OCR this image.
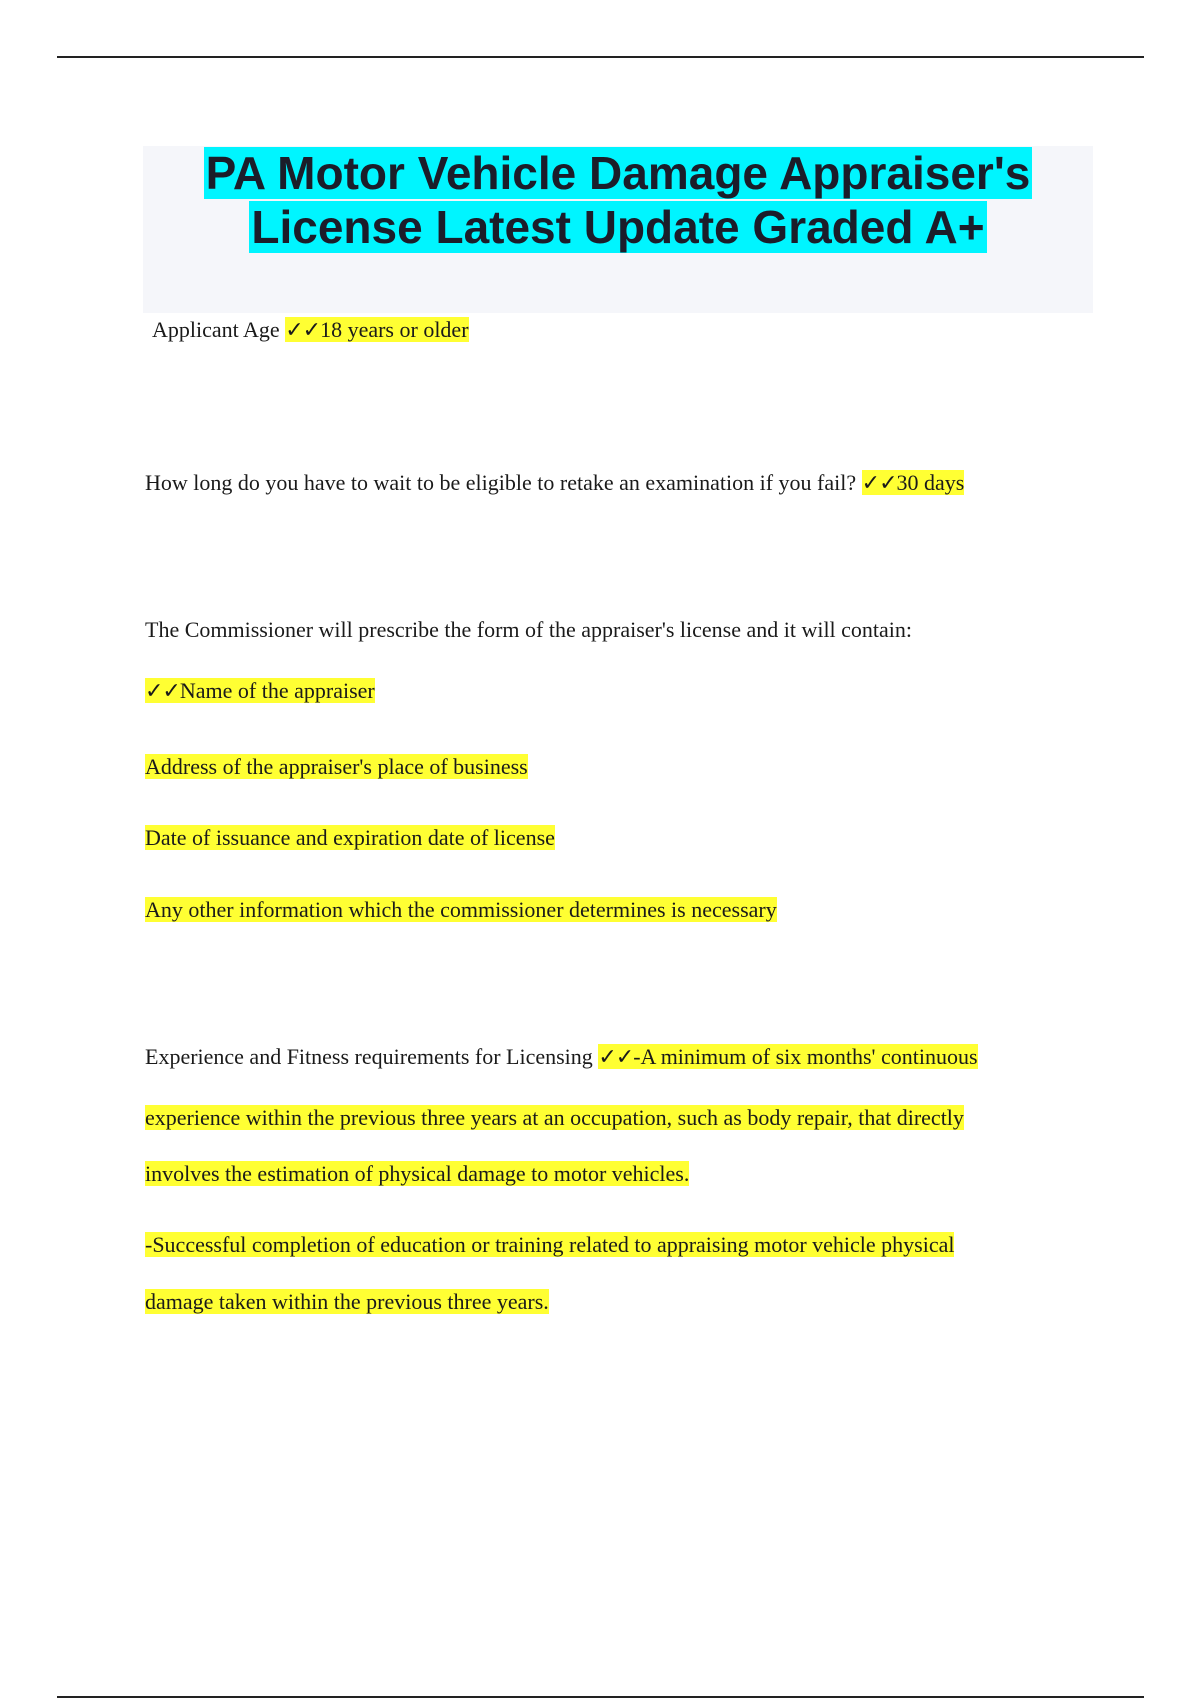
PA Motor Vehicle Damage Appraiser's
License Latest Update Graded A+

Applicant Age ✓✓18 years or older

How long do you have to wait to be eligible to retake an examination if you fail? ✓✓30 days

The Commissioner will prescribe the form of the appraiser's license and it will contain:

✓✓Name of the appraiser

Address of the appraiser's place of business

Date of issuance and expiration date of license

Any other information which the commissioner determines is necessary

Experience and Fitness requirements for Licensing ✓✓-A minimum of six months' continuous

experience within the previous three years at an occupation, such as body repair, that directly

involves the estimation of physical damage to motor vehicles.

-Successful completion of education or training related to appraising motor vehicle physical

damage taken within the previous three years.
